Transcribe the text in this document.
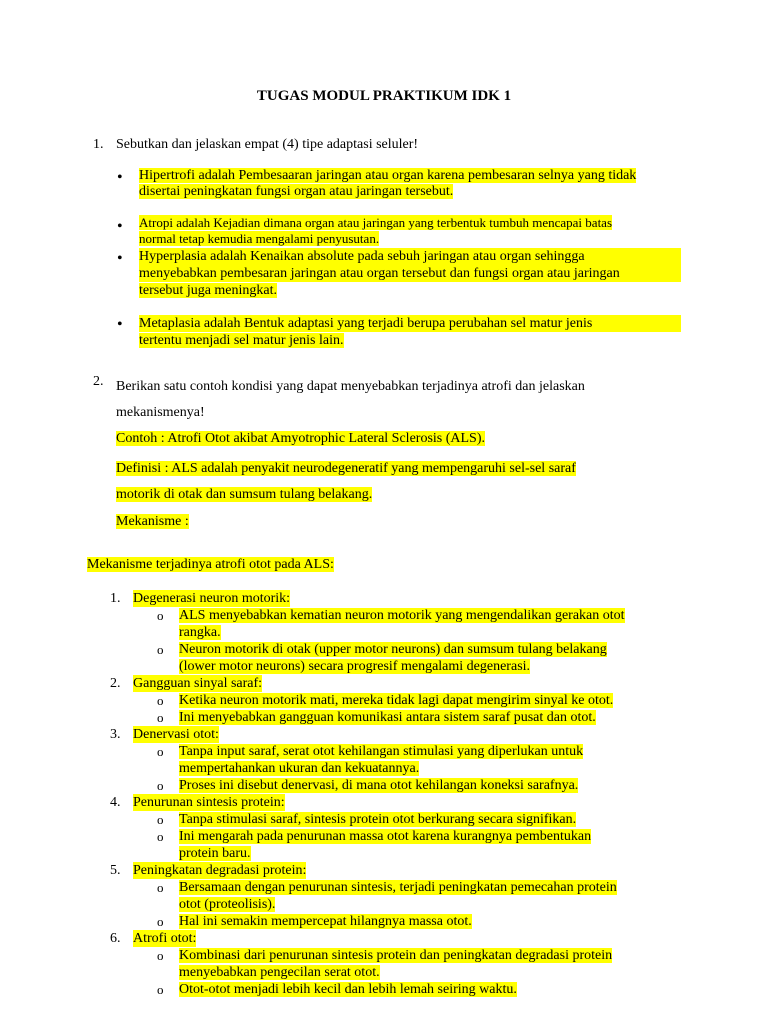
TUGAS MODUL PRAKTIKUM IDK 1
1. Sebutkan dan jelaskan empat (4) tipe adaptasi seluler!
• Hipertrofi adalah Pembesaaran jaringan atau organ karena pembesaran selnya yang tidak
disertai peningkatan fungsi organ atau jaringan tersebut.
• Atropi adalah Kejadian dimana organ atau jaringan yang terbentuk tumbuh mencapai batas
normal tetap kemudia mengalami penyusutan.
• Hyperplasia adalah Kenaikan absolute pada sebuh jaringan atau organ sehingga
menyebabkan pembesaran jaringan atau organ tersebut dan fungsi organ atau jaringan
tersebut juga meningkat.
• Metaplasia adalah Bentuk adaptasi yang terjadi berupa perubahan sel matur jenis
tertentu menjadi sel matur jenis lain.
2. Berikan satu contoh kondisi yang dapat menyebabkan terjadinya atrofi dan jelaskan
mekanismenya!
Contoh : Atrofi Otot akibat Amyotrophic Lateral Sclerosis (ALS).
Definisi : ALS adalah penyakit neurodegeneratif yang mempengaruhi sel-sel saraf
motorik di otak dan sumsum tulang belakang.
Mekanisme :
Mekanisme terjadinya atrofi otot pada ALS:
1. Degenerasi neuron motorik:
o ALS menyebabkan kematian neuron motorik yang mengendalikan gerakan otot
rangka.
o Neuron motorik di otak (upper motor neurons) dan sumsum tulang belakang
(lower motor neurons) secara progresif mengalami degenerasi.
2. Gangguan sinyal saraf:
o Ketika neuron motorik mati, mereka tidak lagi dapat mengirim sinyal ke otot.
o Ini menyebabkan gangguan komunikasi antara sistem saraf pusat dan otot.
3. Denervasi otot:
o Tanpa input saraf, serat otot kehilangan stimulasi yang diperlukan untuk
mempertahankan ukuran dan kekuatannya.
o Proses ini disebut denervasi, di mana otot kehilangan koneksi sarafnya.
4. Penurunan sintesis protein:
o Tanpa stimulasi saraf, sintesis protein otot berkurang secara signifikan.
o Ini mengarah pada penurunan massa otot karena kurangnya pembentukan
protein baru.
5. Peningkatan degradasi protein:
o Bersamaan dengan penurunan sintesis, terjadi peningkatan pemecahan protein
otot (proteolisis).
o Hal ini semakin mempercepat hilangnya massa otot.
6. Atrofi otot:
o Kombinasi dari penurunan sintesis protein dan peningkatan degradasi protein
menyebabkan pengecilan serat otot.
o Otot-otot menjadi lebih kecil dan lebih lemah seiring waktu.
